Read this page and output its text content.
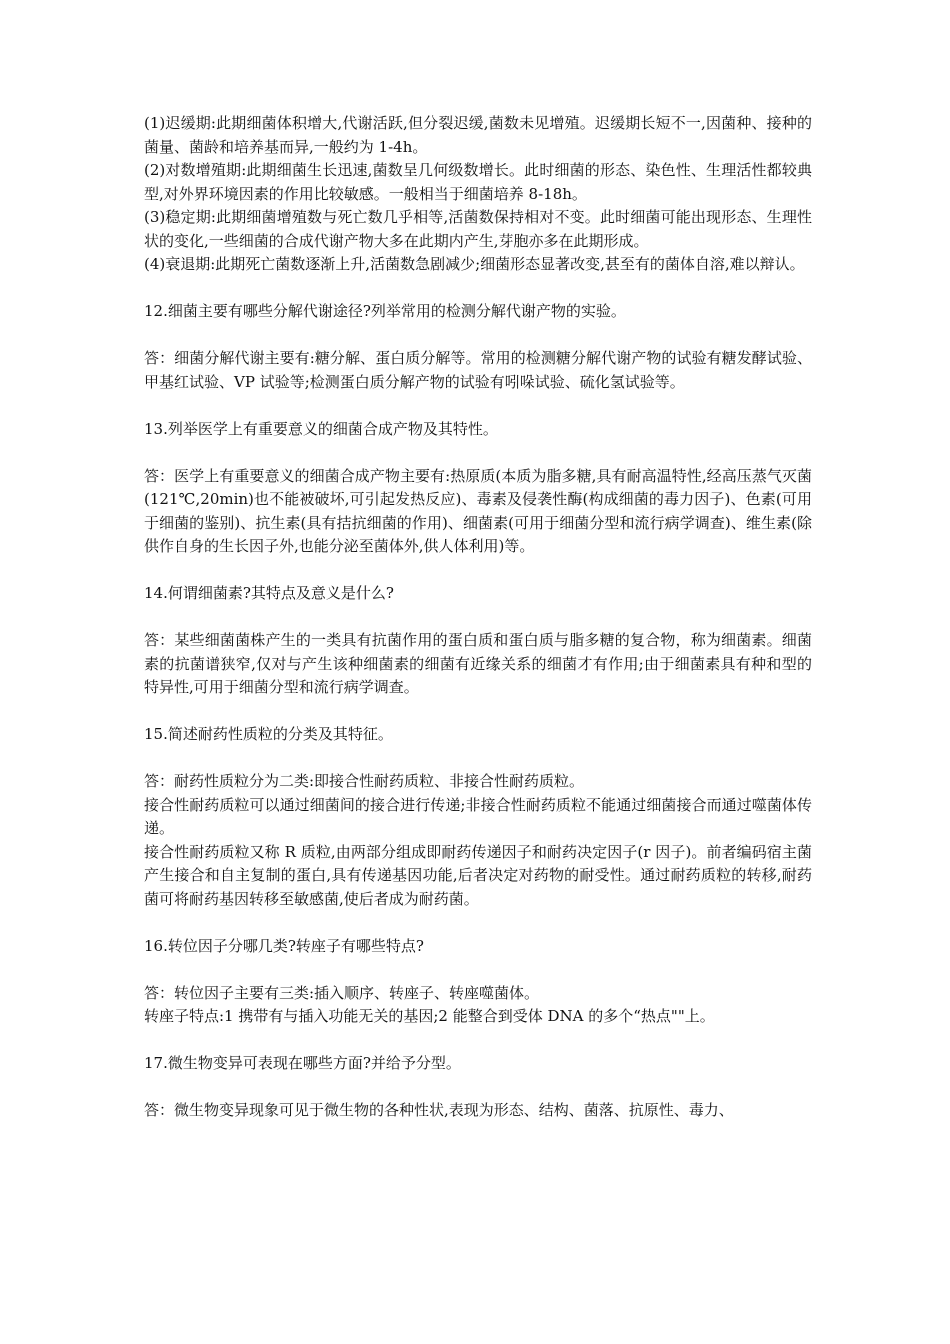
(1)迟缓期:此期细菌体积增大,代谢活跃,但分裂迟缓,菌数未见增殖。迟缓期长短不一,因菌种、接种的菌量、菌龄和培养基而异,一般约为 1-4h。
(2)对数增殖期:此期细菌生长迅速,菌数呈几何级数增长。此时细菌的形态、染色性、生理活性都较典型,对外界环境因素的作用比较敏感。一般相当于细菌培养 8-18h。
(3)稳定期:此期细菌增殖数与死亡数几乎相等,活菌数保持相对不变。此时细菌可能出现形态、生理性状的变化,一些细菌的合成代谢产物大多在此期内产生,芽胞亦多在此期形成。
(4)衰退期:此期死亡菌数逐渐上升,活菌数急剧减少;细菌形态显著改变,甚至有的菌体自溶,难以辩认。
12.细菌主要有哪些分解代谢途径?列举常用的检测分解代谢产物的实验。
答：细菌分解代谢主要有:糖分解、蛋白质分解等。常用的检测糖分解代谢产物的试验有糖发酵试验、甲基红试验、VP 试验等;检测蛋白质分解产物的试验有吲哚试验、硫化氢试验等。
13.列举医学上有重要意义的细菌合成产物及其特性。
答：医学上有重要意义的细菌合成产物主要有:热原质(本质为脂多糖,具有耐高温特性,经高压蒸气灭菌(121℃,20min)也不能被破坏,可引起发热反应)、毒素及侵袭性酶(构成细菌的毒力因子)、色素(可用于细菌的鉴别)、抗生素(具有拮抗细菌的作用)、细菌素(可用于细菌分型和流行病学调查)、维生素(除供作自身的生长因子外,也能分泌至菌体外,供人体利用)等。
14.何谓细菌素?其特点及意义是什么?
答：某些细菌菌株产生的一类具有抗菌作用的蛋白质和蛋白质与脂多糖的复合物，称为细菌素。细菌素的抗菌谱狭窄,仅对与产生该种细菌素的细菌有近缘关系的细菌才有作用;由于细菌素具有种和型的特异性,可用于细菌分型和流行病学调查。
15.简述耐药性质粒的分类及其特征。
答：耐药性质粒分为二类:即接合性耐药质粒、非接合性耐药质粒。
接合性耐药质粒可以通过细菌间的接合进行传递;非接合性耐药质粒不能通过细菌接合而通过噬菌体传递。
接合性耐药质粒又称 R 质粒,由两部分组成即耐药传递因子和耐药决定因子(r 因子)。前者编码宿主菌产生接合和自主复制的蛋白,具有传递基因功能,后者决定对药物的耐受性。通过耐药质粒的转移,耐药菌可将耐药基因转移至敏感菌,使后者成为耐药菌。
16.转位因子分哪几类?转座子有哪些特点?
答：转位因子主要有三类:插入顺序、转座子、转座噬菌体。
转座子特点:1 携带有与插入功能无关的基因;2 能整合到受体 DNA 的多个“热点""上。
17.微生物变异可表现在哪些方面?并给予分型。
答：微生物变异现象可见于微生物的各种性状,表现为形态、结构、菌落、抗原性、毒力、
